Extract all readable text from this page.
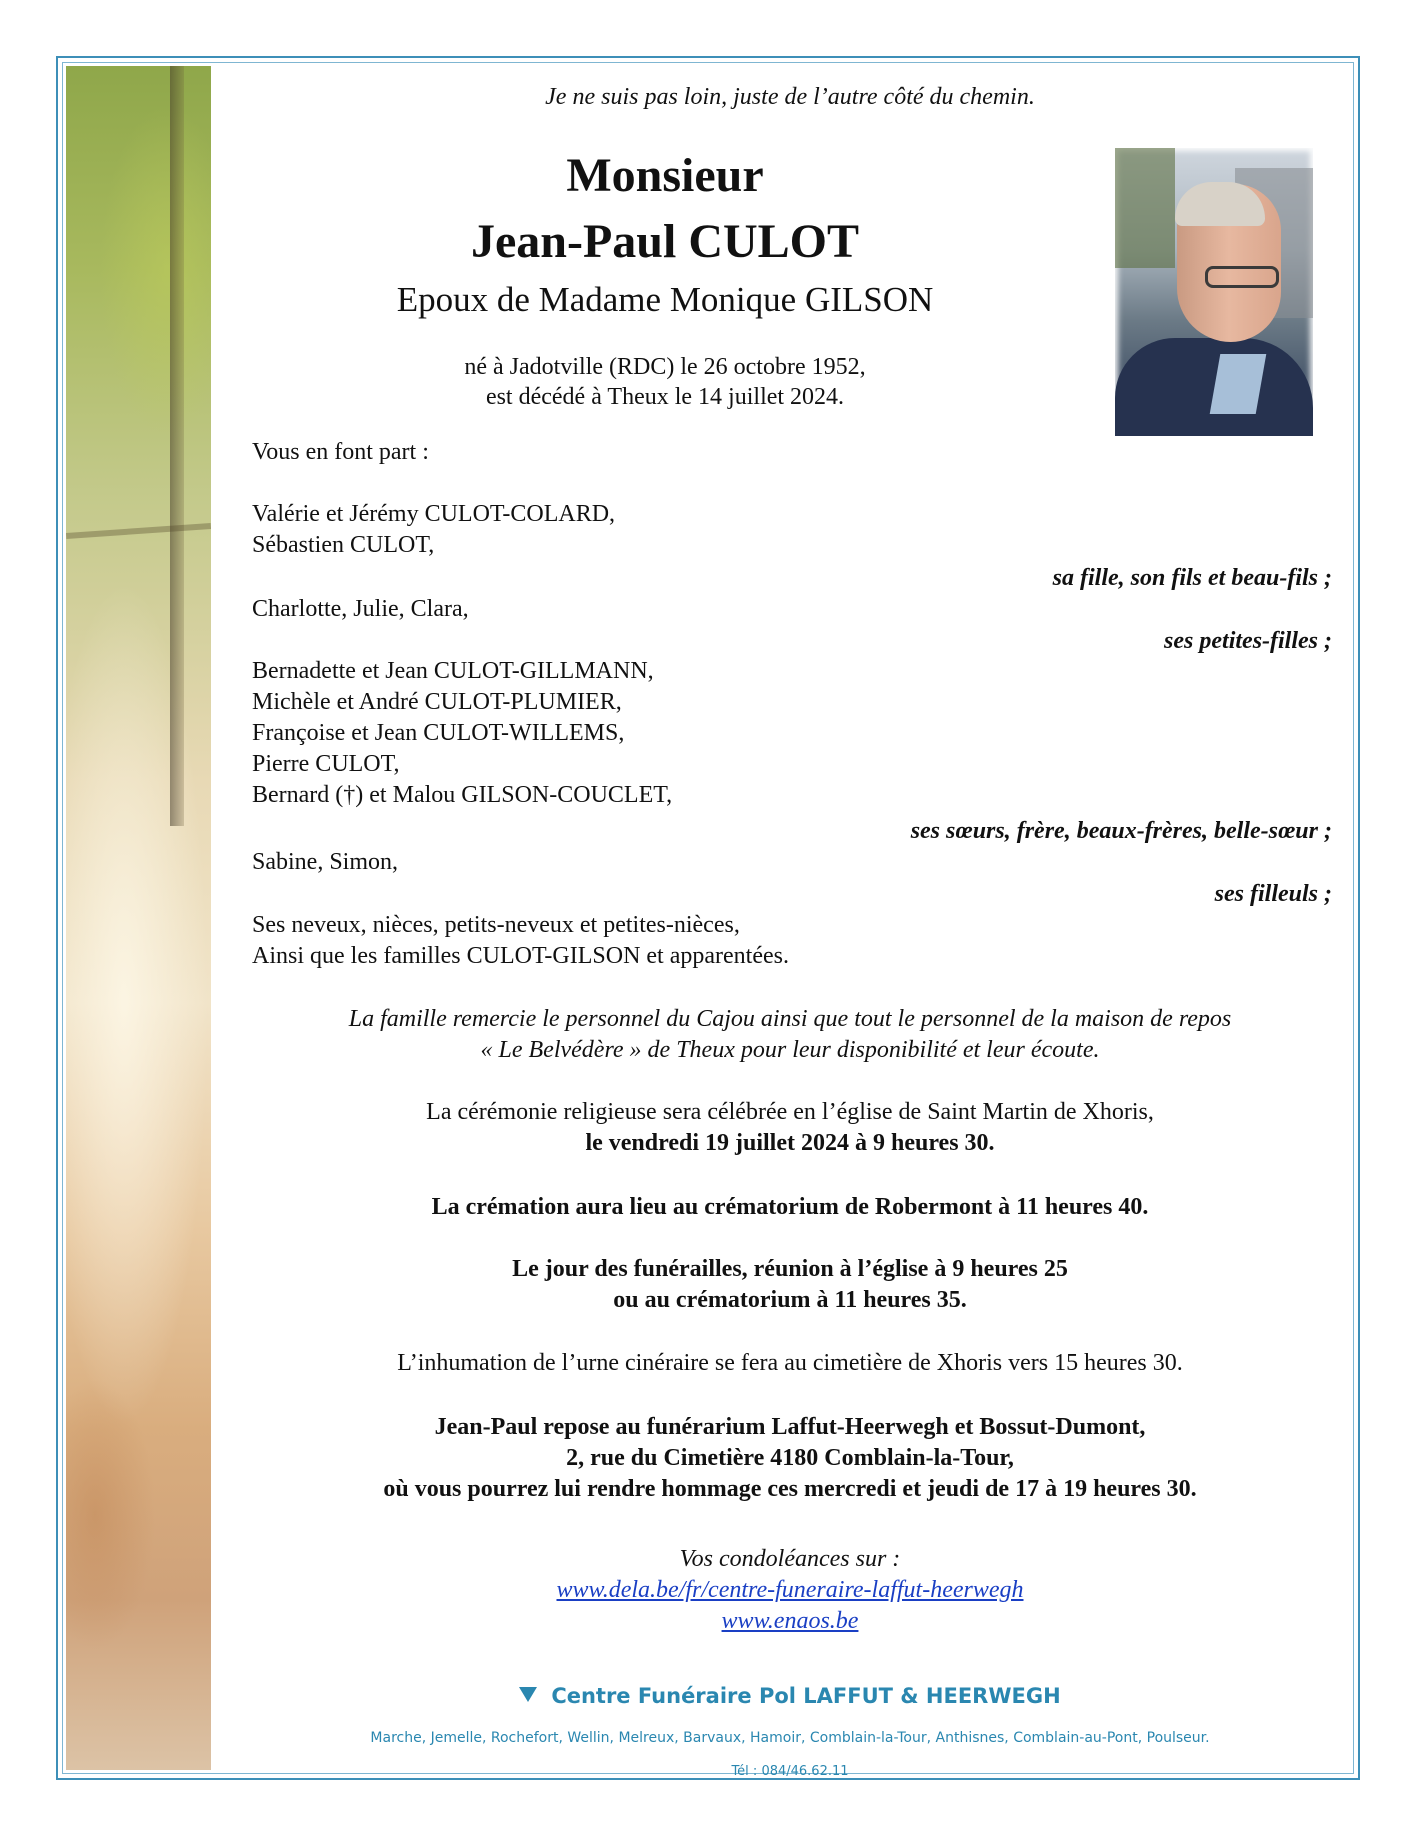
Je ne suis pas loin, juste de l’autre côté du chemin.
Monsieur
Jean-Paul CULOT
Epoux de Madame Monique GILSON
né à Jadotville (RDC) le 26 octobre 1952,
est décédé à Theux le 14 juillet 2024.
Vous en font part :
Valérie et Jérémy CULOT-COLARD,
Sébastien CULOT,
sa fille, son fils et beau-fils ;
Charlotte, Julie, Clara,
ses petites-filles ;
Bernadette et Jean CULOT-GILLMANN,
Michèle et André CULOT-PLUMIER,
Françoise et Jean CULOT-WILLEMS,
Pierre CULOT,
Bernard (†) et Malou GILSON-COUCLET,
ses sœurs, frère, beaux-frères, belle-sœur ;
Sabine, Simon,
ses filleuls ;
Ses neveux, nièces, petits-neveux et petites-nièces,
Ainsi que les familles CULOT-GILSON et apparentées.
La famille remercie le personnel du Cajou ainsi que tout le personnel de la maison de repos
« Le Belvédère » de Theux pour leur disponibilité et leur écoute.
La cérémonie religieuse sera célébrée en l’église de Saint Martin de Xhoris,
le vendredi 19 juillet 2024 à 9 heures 30.
La crémation aura lieu au crématorium de Robermont à 11 heures 40.
Le jour des funérailles, réunion à l’église à 9 heures 25
ou au crématorium à 11 heures 35.
L’inhumation de l’urne cinéraire se fera au cimetière de Xhoris vers 15 heures 30.
Jean-Paul repose au funérarium Laffut-Heerwegh et Bossut-Dumont,
2, rue du Cimetière 4180 Comblain-la-Tour,
où vous pourrez lui rendre hommage ces mercredi et jeudi de 17 à 19 heures 30.
Vos condoléances sur :
www.dela.be/fr/centre-funeraire-laffut-heerwegh
www.enaos.be
Centre Funéraire Pol LAFFUT & HEERWEGH
Marche, Jemelle, Rochefort, Wellin, Melreux, Barvaux, Hamoir, Comblain-la-Tour, Anthisnes, Comblain-au-Pont, Poulseur.
Tél : 084/46.62.11
